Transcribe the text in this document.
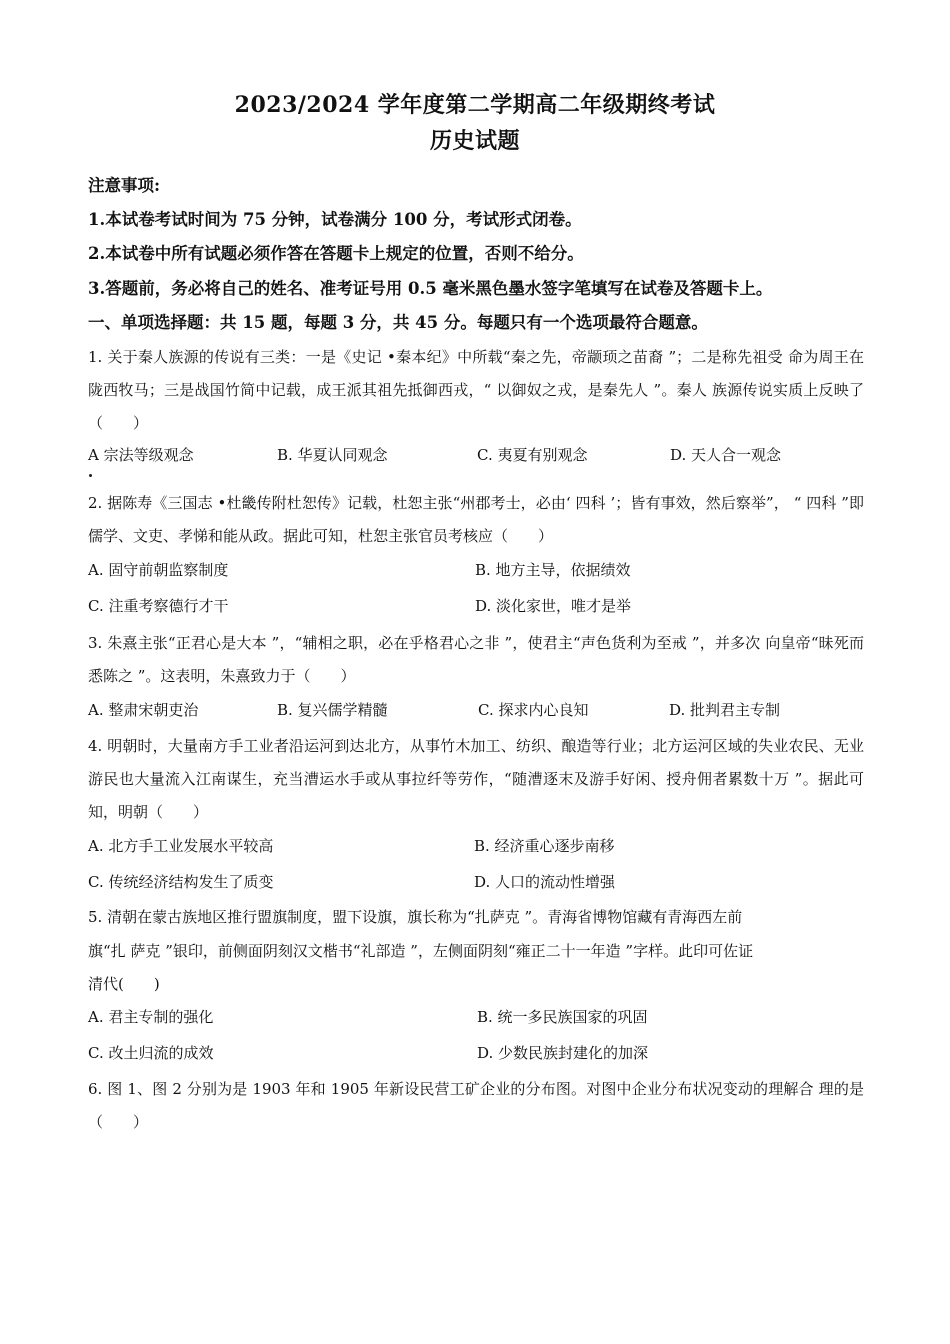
2023/2024 学年度第二学期高二年级期终考试
历史试题
注意事项:
1.本试卷考试时间为 75 分钟，试卷满分 100 分，考试形式闭卷。
2.本试卷中所有试题必须作答在答题卡上规定的位置，否则不给分。
3.答题前，务必将自己的姓名、准考证号用 0.5 毫米黑色墨水签字笔填写在试卷及答题卡上。
一、单项选择题：共 15 题，每题 3 分，共 45 分。每题只有一个选项最符合题意。
1. 关于秦人族源的传说有三类：一是《史记 •秦本纪》中所载“秦之先，帝颛顼之苗裔 ”；二是称先祖受 命为周王在陇西牧马；三是战国竹简中记载，成王派其祖先抵御西戎，“ 以御奴之戎，是秦先人 ”。秦人 族源传说实质上反映了（　　）
A 宗法等级观念	B. 华夏认同观念	C. 夷夏有别观念	D. 天人合一观念
2. 据陈寿《三国志 •杜畿传附杜恕传》记载，杜恕主张“州郡考士，必由‘ 四科 ’；皆有事效，然后察举”， “ 四科 ”即儒学、文吏、孝悌和能从政。据此可知，杜恕主张官员考核应（　　）
A. 固守前朝监察制度	B. 地方主导，依据绩效
C. 注重考察德行才干	D. 淡化家世，唯才是举
3. 朱熹主张“正君心是大本 ”，“辅相之职，必在乎格君心之非 ”，使君主“声色货利为至戒 ”，并多次 向皇帝“昧死而悉陈之 ”。这表明，朱熹致力于（　　）
A. 整肃宋朝吏治	B. 复兴儒学精髓	C. 探求内心良知	D. 批判君主专制
4. 明朝时，大量南方手工业者沿运河到达北方，从事竹木加工、纺织、酿造等行业；北方运河区域的失业农民、无业游民也大量流入江南谋生，充当漕运水手或从事拉纤等劳作，“随漕逐末及游手好闲、授舟佣者累数十万 ”。据此可知，明朝（　　）
A. 北方手工业发展水平较高	B. 经济重心逐步南移
C. 传统经济结构发生了质变	D. 人口的流动性增强
5. 清朝在蒙古族地区推行盟旗制度，盟下设旗，旗长称为“扎萨克 ”。青海省博物馆藏有青海西左前
旗“扎 萨克 ”银印，前侧面阴刻汉文楷书“礼部造 ”，左侧面阴刻“雍正二十一年造 ”字样。此印可佐证
清代(　　)
A. 君主专制的强化	B. 统一多民族国家的巩固
C. 改土归流的成效	D. 少数民族封建化的加深
6. 图 1、图 2 分别为是 1903 年和 1905 年新设民营工矿企业的分布图。对图中企业分布状况变动的理解合 理的是（　　）
